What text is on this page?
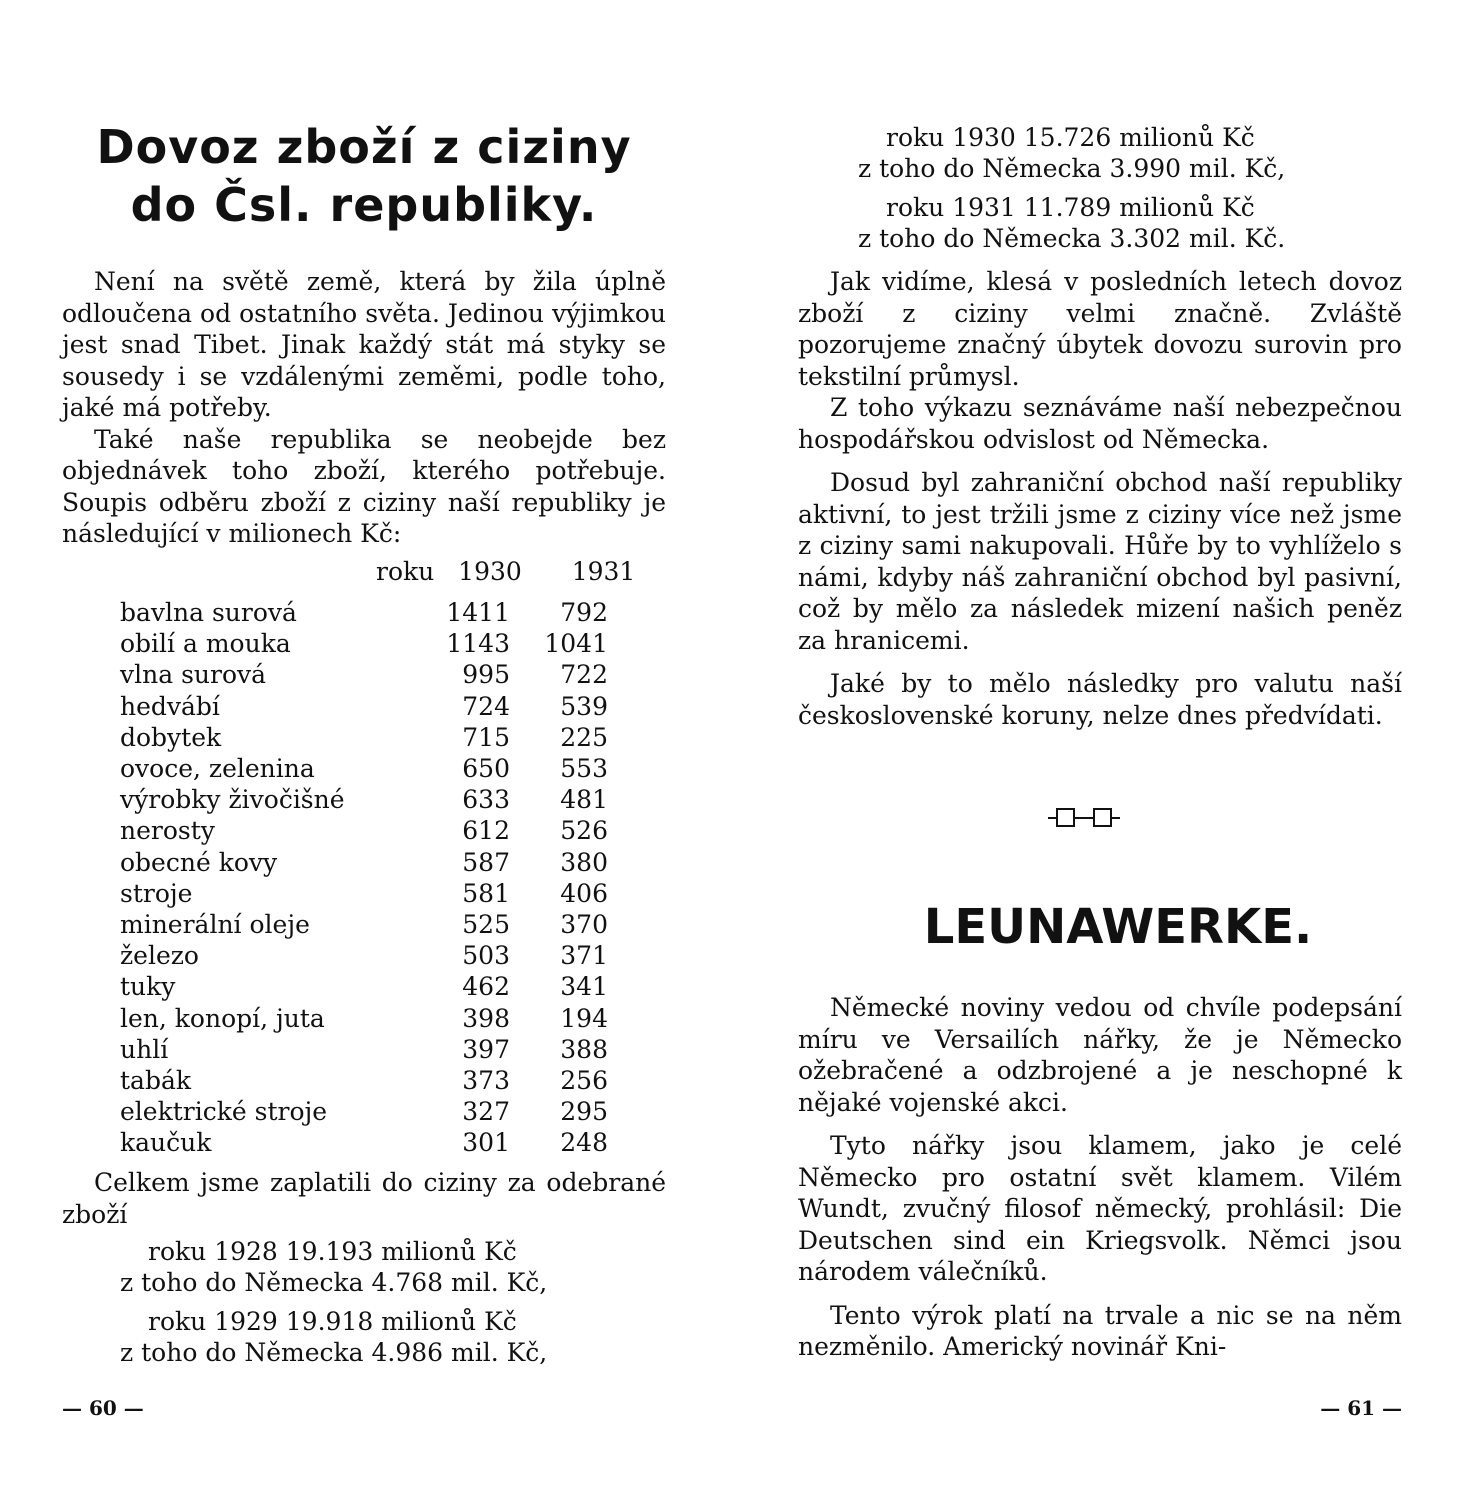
Dovoz zboží z ciziny
do Čsl. republiky.

Není na světě země, která by žila úplně odloučena od ostatního světa. Jedinou výjimkou jest snad Tibet. Jinak každý stát má styky se sousedy i se vzdálenými zeměmi, podle toho, jaké má potřeby.

Také naše republika se neobejde bez objednávek toho zboží, kterého potřebuje. Soupis odběru zboží z ciziny naší republiky je následující v milionech Kč:

roku 1930 1931
bavlna surová	1411	792
obilí a mouka	1143	1041
vlna surová	995	722
hedvábí	724	539
dobytek	715	225
ovoce, zelenina	650	553
výrobky živočišné	633	481
nerosty	612	526
obecné kovy	587	380
stroje	581	406
minerální oleje	525	370
železo	503	371
tuky	462	341
len, konopí, juta	398	194
uhlí	397	388
tabák	373	256
elektrické stroje	327	295
kaučuk	301	248

Celkem jsme zaplatili do ciziny za odebrané zboží

roku 1928 19.193 milionů Kč
z toho do Německa 4.768 mil. Kč,
roku 1929 19.918 milionů Kč
z toho do Německa 4.986 mil. Kč,
— 60 —
roku 1930 15.726 milionů Kč
z toho do Německa 3.990 mil. Kč,
roku 1931 11.789 milionů Kč
z toho do Německa 3.302 mil. Kč.

Jak vidíme, klesá v posledních letech dovoz zboží z ciziny velmi značně. Zvláště pozorujeme značný úbytek dovozu surovin pro tekstilní průmysl.

Z toho výkazu seznáváme naší nebezpečnou hospodářskou odvislost od Německa.

Dosud byl zahraniční obchod naší republiky aktivní, to jest tržili jsme z ciziny více než jsme z ciziny sami nakupovali. Hůře by to vyhlíželo s námi, kdyby náš zahraniční obchod byl pasivní, což by mělo za následek mizení našich peněz za hranicemi.

Jaké by to mělo následky pro valutu naší československé koruny, nelze dnes předvídati.

LEUNAWERKE.

Německé noviny vedou od chvíle podepsání míru ve Versailích nářky, že je Německo ožebračené a odzbrojené a je neschopné k nějaké vojenské akci.

Tyto nářky jsou klamem, jako je celé Německo pro ostatní svět klamem. Vilém Wundt, zvučný filosof německý, prohlásil: Die Deutschen sind ein Kriegsvolk. Němci jsou národem válečníků.

Tento výrok platí na trvale a nic se na něm nezměnilo. Americký novinář Kni-

— 61 —
